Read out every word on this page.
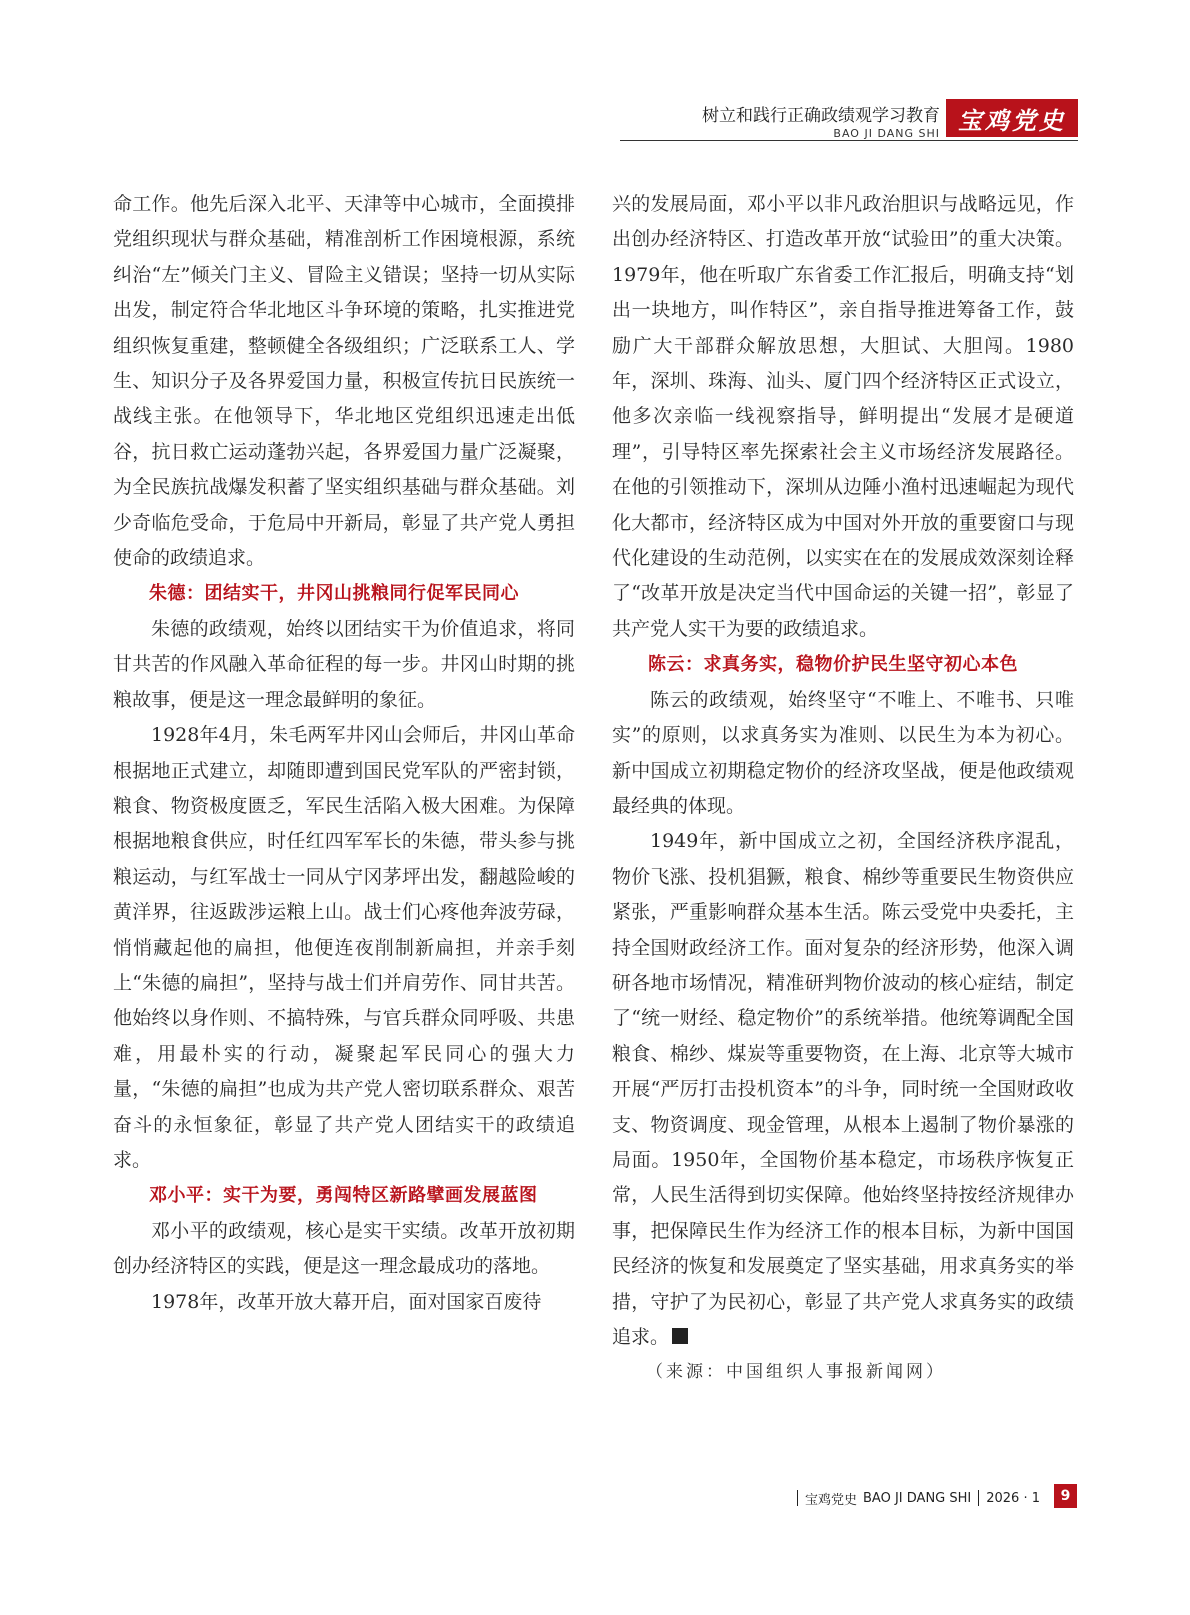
树立和践行正确政绩观学习教育
BAO JI DANG SHI 宝鸡党史

命工作。他先后深入北平、天津等中心城市，全面摸排党组织现状与群众基础，精准剖析工作困境根源，系统纠治“左”倾关门主义、冒险主义错误；坚持一切从实际出发，制定符合华北地区斗争环境的策略，扎实推进党组织恢复重建，整顿健全各级组织；广泛联系工人、学生、知识分子及各界爱国力量，积极宣传抗日民族统一战线主张。在他领导下，华北地区党组织迅速走出低谷，抗日救亡运动蓬勃兴起，各界爱国力量广泛凝聚，为全民族抗战爆发积蓄了坚实组织基础与群众基础。刘少奇临危受命，于危局中开新局，彰显了共产党人勇担使命的政绩追求。

朱德：团结实干，井冈山挑粮同行促军民同心

朱德的政绩观，始终以团结实干为价值追求，将同甘共苦的作风融入革命征程的每一步。井冈山时期的挑粮故事，便是这一理念最鲜明的象征。

1928年4月，朱毛两军井冈山会师后，井冈山革命根据地正式建立，却随即遭到国民党军队的严密封锁，粮食、物资极度匮乏，军民生活陷入极大困难。为保障根据地粮食供应，时任红四军军长的朱德，带头参与挑粮运动，与红军战士一同从宁冈茅坪出发，翻越险峻的黄洋界，往返跋涉运粮上山。战士们心疼他奔波劳碌，悄悄藏起他的扁担，他便连夜削制新扁担，并亲手刻上“朱德的扁担”，坚持与战士们并肩劳作、同甘共苦。他始终以身作则、不搞特殊，与官兵群众同呼吸、共患难，用最朴实的行动，凝聚起军民同心的强大力量，“朱德的扁担”也成为共产党人密切联系群众、艰苦奋斗的永恒象征，彰显了共产党人团结实干的政绩追求。

邓小平：实干为要，勇闯特区新路擘画发展蓝图

邓小平的政绩观，核心是实干实绩。改革开放初期创办经济特区的实践，便是这一理念最成功的落地。

1978年，改革开放大幕开启，面对国家百废待

兴的发展局面，邓小平以非凡政治胆识与战略远见，作出创办经济特区、打造改革开放“试验田”的重大决策。1979年，他在听取广东省委工作汇报后，明确支持“划出一块地方，叫作特区”，亲自指导推进筹备工作，鼓励广大干部群众解放思想，大胆试、大胆闯。1980年，深圳、珠海、汕头、厦门四个经济特区正式设立，他多次亲临一线视察指导，鲜明提出“发展才是硬道理”，引导特区率先探索社会主义市场经济发展路径。在他的引领推动下，深圳从边陲小渔村迅速崛起为现代化大都市，经济特区成为中国对外开放的重要窗口与现代化建设的生动范例，以实实在在的发展成效深刻诠释了“改革开放是决定当代中国命运的关键一招”，彰显了共产党人实干为要的政绩追求。

陈云：求真务实，稳物价护民生坚守初心本色

陈云的政绩观，始终坚守“不唯上、不唯书、只唯实”的原则，以求真务实为准则、以民生为本为初心。新中国成立初期稳定物价的经济攻坚战，便是他政绩观最经典的体现。

1949年，新中国成立之初，全国经济秩序混乱，物价飞涨、投机猖獗，粮食、棉纱等重要民生物资供应紧张，严重影响群众基本生活。陈云受党中央委托，主持全国财政经济工作。面对复杂的经济形势，他深入调研各地市场情况，精准研判物价波动的核心症结，制定了“统一财经、稳定物价”的系统举措。他统筹调配全国粮食、棉纱、煤炭等重要物资，在上海、北京等大城市开展“严厉打击投机资本”的斗争，同时统一全国财政收支、物资调度、现金管理，从根本上遏制了物价暴涨的局面。1950年，全国物价基本稳定，市场秩序恢复正常，人民生活得到切实保障。他始终坚持按经济规律办事，把保障民生作为经济工作的根本目标，为新中国国民经济的恢复和发展奠定了坚实基础，用求真务实的举措，守护了为民初心，彰显了共产党人求真务实的政绩追求。

（来源：中国组织人事报新闻网）

宝鸡党史 BAO JI DANG SHI 2026 · 1	9
